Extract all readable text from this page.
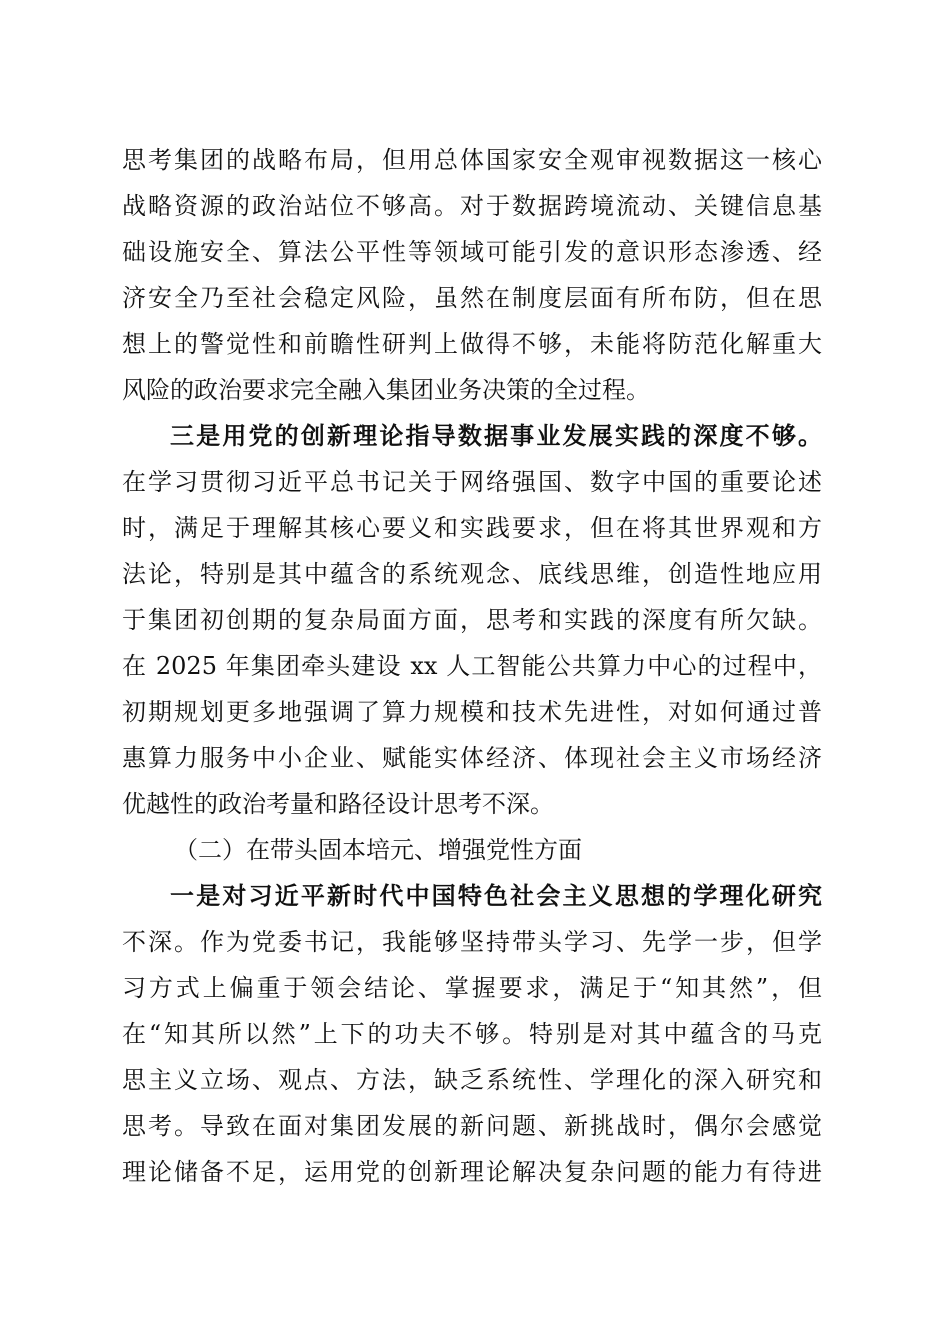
思考集团的战略布局，但用总体国家安全观审视数据这一核心
战略资源的政治站位不够高。对于数据跨境流动、关键信息基
础设施安全、算法公平性等领域可能引发的意识形态渗透、经
济安全乃至社会稳定风险，虽然在制度层面有所布防，但在思
想上的警觉性和前瞻性研判上做得不够，未能将防范化解重大
风险的政治要求完全融入集团业务决策的全过程。
三是用党的创新理论指导数据事业发展实践的深度不够。
在学习贯彻习近平总书记关于网络强国、数字中国的重要论述
时，满足于理解其核心要义和实践要求，但在将其世界观和方
法论，特别是其中蕴含的系统观念、底线思维，创造性地应用
于集团初创期的复杂局面方面，思考和实践的深度有所欠缺。
在 2025 年集团牵头建设 xx 人工智能公共算力中心的过程中，
初期规划更多地强调了算力规模和技术先进性，对如何通过普
惠算力服务中小企业、赋能实体经济、体现社会主义市场经济
优越性的政治考量和路径设计思考不深。
（二）在带头固本培元、增强党性方面
一是对习近平新时代中国特色社会主义思想的学理化研究
不深。作为党委书记，我能够坚持带头学习、先学一步，但学
习方式上偏重于领会结论、掌握要求，满足于“知其然”，但
在“知其所以然”上下的功夫不够。特别是对其中蕴含的马克
思主义立场、观点、方法，缺乏系统性、学理化的深入研究和
思考。导致在面对集团发展的新问题、新挑战时，偶尔会感觉
理论储备不足，运用党的创新理论解决复杂问题的能力有待进
